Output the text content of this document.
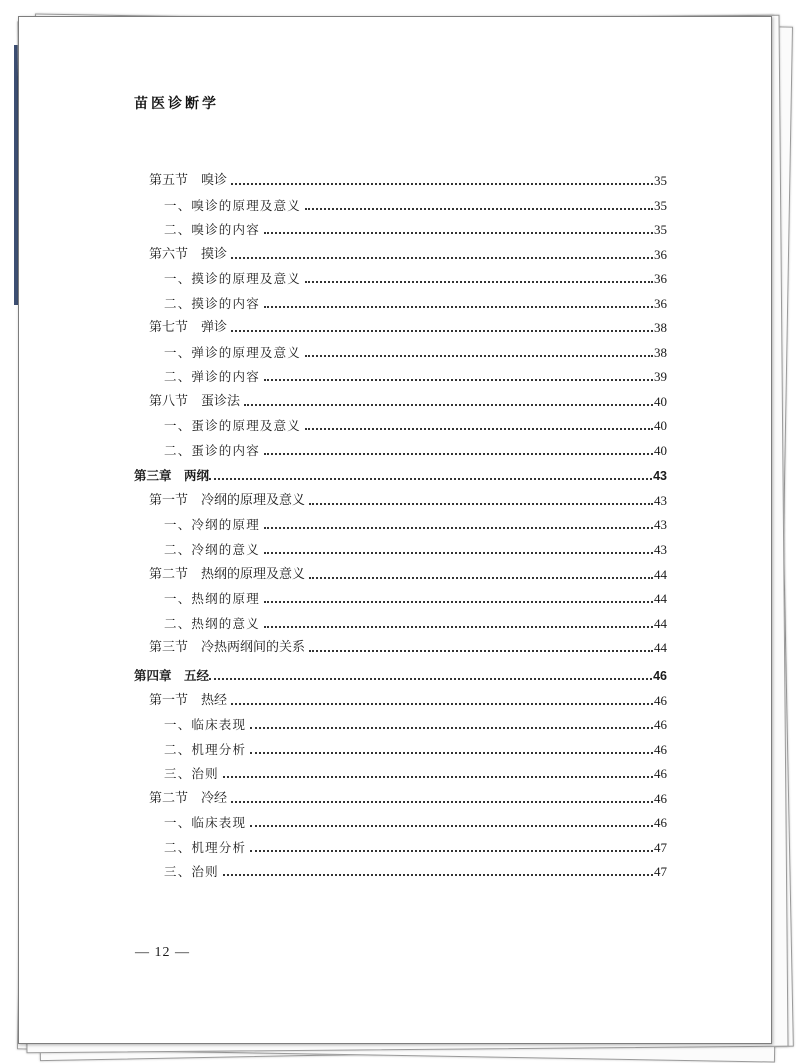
苗医诊断学
第五节　嗅诊	35
一、嗅诊的原理及意义	35
二、嗅诊的内容	35
第六节　摸诊	36
一、摸诊的原理及意义	36
二、摸诊的内容	36
第七节　弹诊	38
一、弹诊的原理及意义	38
二、弹诊的内容	39
第八节　蛋诊法	40
一、蛋诊的原理及意义	40
二、蛋诊的内容	40
第三章　两纲	43
第一节　冷纲的原理及意义	43
一、冷纲的原理	43
二、冷纲的意义	43
第二节　热纲的原理及意义	44
一、热纲的原理	44
二、热纲的意义	44
第三节　冷热两纲间的关系	44
第四章　五经	46
第一节　热经	46
一、临床表现	46
二、机理分析	46
三、治则	46
第二节　冷经	46
一、临床表现	46
二、机理分析	47
三、治则	47
— 12 —
